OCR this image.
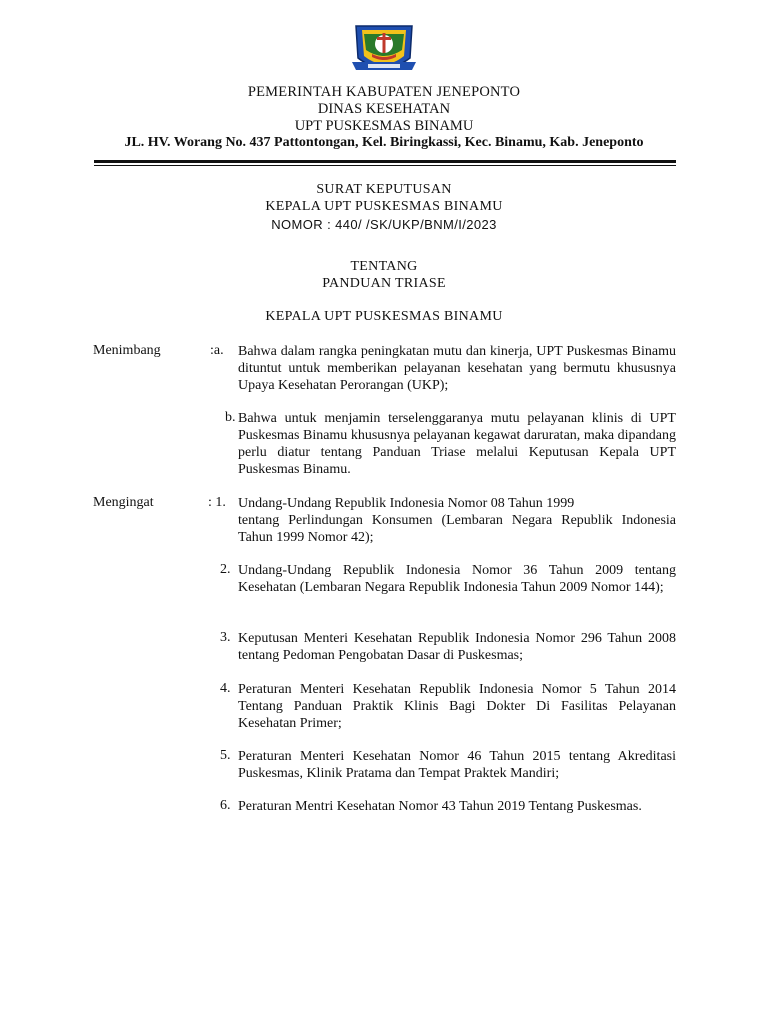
PEMERINTAH KABUPATEN JENEPONTO
DINAS KESEHATAN
UPT PUSKESMAS BINAMU
JL. HV. Worang No. 437 Pattontongan, Kel. Biringkassi, Kec. Binamu, Kab. Jeneponto
SURAT KEPUTUSAN
KEPALA UPT PUSKESMAS BINAMU
NOMOR : 440/ /SK/UKP/BNM/I/2023
TENTANG
PANDUAN TRIASE
KEPALA UPT PUSKESMAS BINAMU
Menimbang	:a. Bahwa dalam rangka peningkatan mutu dan kinerja, UPT Puskesmas Binamu dituntut untuk memberikan pelayanan kesehatan yang bermutu khususnya Upaya Kesehatan Perorangan (UKP);
b. Bahwa untuk menjamin terselenggaranya mutu pelayanan klinis di UPT Puskesmas Binamu khususnya pelayanan kegawat daruratan, maka dipandang perlu diatur tentang Panduan Triase melalui Keputusan Kepala UPT Puskesmas Binamu.
Mengingat	: 1. Undang-Undang Republik Indonesia Nomor 08 Tahun 1999
tentang Perlindungan Konsumen (Lembaran Negara Republik Indonesia Tahun 1999 Nomor 42);
2. Undang-Undang Republik Indonesia Nomor 36 Tahun 2009 tentang Kesehatan (Lembaran Negara Republik Indonesia Tahun 2009 Nomor 144);
3. Keputusan Menteri Kesehatan Republik Indonesia Nomor 296 Tahun 2008 tentang Pedoman Pengobatan Dasar di Puskesmas;
4. Peraturan Menteri Kesehatan Republik Indonesia Nomor 5 Tahun 2014 Tentang Panduan Praktik Klinis Bagi Dokter Di Fasilitas Pelayanan Kesehatan Primer;
5. Peraturan Menteri Kesehatan Nomor 46 Tahun 2015 tentang Akreditasi Puskesmas, Klinik Pratama dan Tempat Praktek Mandiri;
6. Peraturan Mentri Kesehatan Nomor 43 Tahun 2019 Tentang Puskesmas.
